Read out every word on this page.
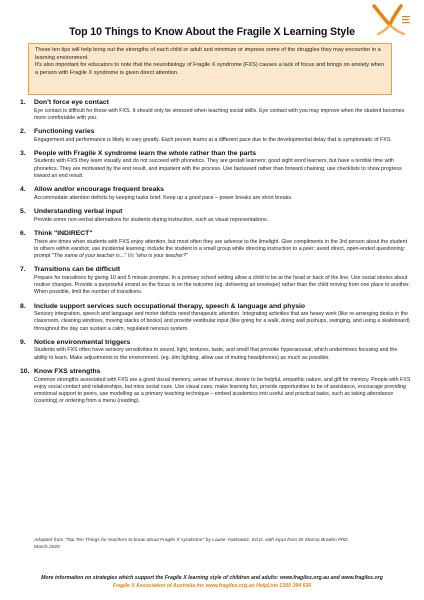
Top 10 Things to Know About the Fragile X Learning Style

These ten tips will help bring out the strengths of each child or adult and minimize or improve some of the struggles they may encounter in a learning environment.

It's also important for educators to note that the neurobiology of Fragile X syndrome (FXS) causes a lack of focus and brings on anxiety when a person with Fragile X syndrome is given direct attention.

1. Don't force eye contact
Eye contact is difficult for those with FXS. It should only be stressed when teaching social skills. Eye contact with you may improve when the student becomes more comfortable with you.
2. Functioning varies
Engagement and performance is likely to vary greatly. Each person learns at a different pace due to the developmental delay that is symptomatic of FXS.
3. People with Fragile X syndrome learn the whole rather than the parts
Students with FXS they learn visually and do not succeed with phonetics. They are gestalt learners; good sight word learners, but have a terrible time with phonetics. They are motivated by the end result, and impatient with the process. Use backward rather than forward chaining; use checklists to show progress toward an end result.
4. Allow and/or encourage frequent breaks
Accommodate attention deficits by keeping tasks brief. Keep up a good pace – power breaks are short breaks.
5. Understanding verbal input
Provide some non-verbal alternatives for students during instruction, such as visual representations.
6. Think "INDIRECT"
There are times when students with FXS enjoy attention, but most often they are adverse to the limelight. Give compliments in the 3rd person about the student to others within earshot; use incidental learning; include the student in a small group while directing instruction to a peer; avoid direct, open-ended questioning: prompt "The name of your teacher is..." Vs "who is your teacher?"
7. Transitions can be difficult
Prepare for transitions by giving 10 and 5 minute prompts. In a primary school setting allow a child to be at the head or back of the line. Use social stories about routine changes. Provide a purposeful errand so the focus is on the outcome (eg. delivering an envelope) rather than the child moving from one place to another. When possible, limit the number of transitions.
8. Include support services such occupational therapy, speech & language and physio
Sensory integration, speech and language and motor deficits need therapeutic attention. Integrating activities that are heavy work (like re-arranging desks in the classroom, cleaning windows, moving stacks of books) and provide vestibular input (like going for a walk, doing wall pushups, swinging, and using a skateboard) throughout the day can sustain a calm, regulated nervous system.
9. Notice environmental triggers
Students with FXS often have sensory sensitivities to sound, light, textures, taste, and smell that provoke hyperarousal, which undermines focusing and the ability to learn. Make adjustments to the environment. (eg. dim lighting, allow use of muting headphones) as much as possible.
10. Know FXS strengths
Common strengths associated with FXS are a good visual memory, sense of humour, desire to be helpful, empathic nature, and gift for mimicry. People with FXS enjoy social contact and relationships, but miss social cues. Use visual cues, make learning fun, provide opportunities to be of assistance, encourage providing emotional support to peers, use modelling as a primary teaching technique – embed academics into useful and practical tasks, such as taking attendance (counting) or ordering from a menu (reading).
Adapted from "Top Ten Things for teachers to know about Fragile X syndrome" by Laurie Yankowitz, Ed.D. with input from Dr Marcia Braden PhD
March 2020
More informaiton on strategies which support the Fragile X learning style of children and adults: www.fragilex.org.au and www.fragilex.org
Fragile X Association of Australia Inc www.fragilex.org.au HelpLine 1300 394 636
